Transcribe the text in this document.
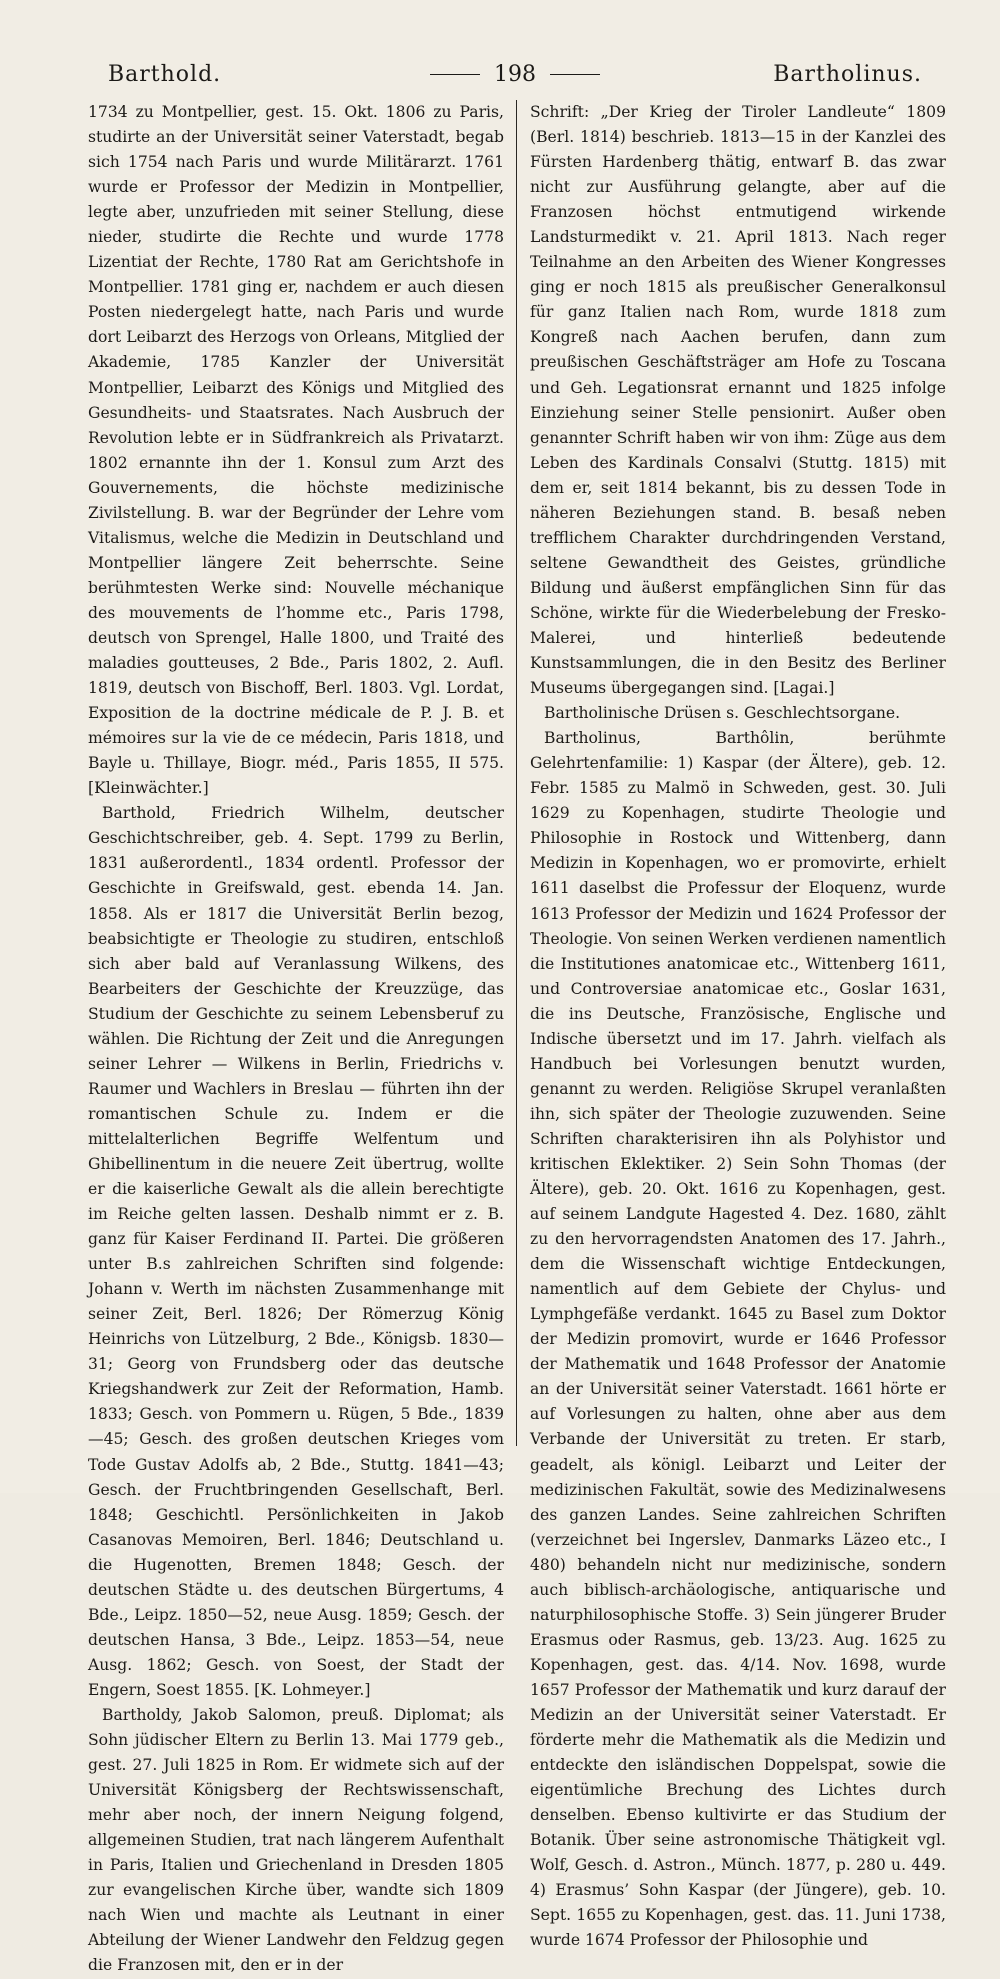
Barthold.	198	Bartholinus.

1734 zu Montpellier, gest. 15. Okt. 1806 zu Paris, studirte an der Universität seiner Vaterstadt, begab sich 1754 nach Paris und wurde Militärarzt. 1761 wurde er Professor der Medizin in Montpellier, legte aber, unzufrieden mit seiner Stellung, diese nieder, studirte die Rechte und wurde 1778 Lizentiat der Rechte, 1780 Rat am Gerichtshofe in Montpellier. 1781 ging er, nachdem er auch diesen Posten niedergelegt hatte, nach Paris und wurde dort Leibarzt des Herzogs von Orleans, Mitglied der Akademie, 1785 Kanzler der Universität Montpellier, Leibarzt des Königs und Mitglied des Gesundheits- und Staatsrates. Nach Ausbruch der Revolution lebte er in Südfrankreich als Privatarzt. 1802 ernannte ihn der 1. Konsul zum Arzt des Gouvernements, die höchste medizinische Zivilstellung. B. war der Begründer der Lehre vom Vitalismus, welche die Medizin in Deutschland und Montpellier längere Zeit beherrschte. Seine berühmtesten Werke sind: Nouvelle méchanique des mouvements de l’homme etc., Paris 1798, deutsch von Sprengel, Halle 1800, und Traité des maladies goutteuses, 2 Bde., Paris 1802, 2. Aufl. 1819, deutsch von Bischoff, Berl. 1803. Vgl. Lordat, Exposition de la doctrine médicale de P. J. B. et mémoires sur la vie de ce médecin, Paris 1818, und Bayle u. Thillaye, Biogr. méd., Paris 1855, II 575. [Kleinwächter.]

Barthold, Friedrich Wilhelm, deutscher Geschichtschreiber, geb. 4. Sept. 1799 zu Berlin, 1831 außerordentl., 1834 ordentl. Professor der Geschichte in Greifswald, gest. ebenda 14. Jan. 1858. Als er 1817 die Universität Berlin bezog, beabsichtigte er Theologie zu studiren, entschloß sich aber bald auf Veranlassung Wilkens, des Bearbeiters der Geschichte der Kreuzzüge, das Studium der Geschichte zu seinem Lebensberuf zu wählen. Die Richtung der Zeit und die Anregungen seiner Lehrer — Wilkens in Berlin, Friedrichs v. Raumer und Wachlers in Breslau — führten ihn der romantischen Schule zu. Indem er die mittelalterlichen Begriffe Welfentum und Ghibellinentum in die neuere Zeit übertrug, wollte er die kaiserliche Gewalt als die allein berechtigte im Reiche gelten lassen. Deshalb nimmt er z. B. ganz für Kaiser Ferdinand II. Partei. Die größeren unter B.s zahlreichen Schriften sind folgende: Johann v. Werth im nächsten Zusammenhange mit seiner Zeit, Berl. 1826; Der Römerzug König Heinrichs von Lützelburg, 2 Bde., Königsb. 1830—31; Georg von Frundsberg oder das deutsche Kriegshandwerk zur Zeit der Reformation, Hamb. 1833; Gesch. von Pommern u. Rügen, 5 Bde., 1839—45; Gesch. des großen deutschen Krieges vom Tode Gustav Adolfs ab, 2 Bde., Stuttg. 1841—43; Gesch. der Fruchtbringenden Gesellschaft, Berl. 1848; Geschichtl. Persönlichkeiten in Jakob Casanovas Memoiren, Berl. 1846; Deutschland u. die Hugenotten, Bremen 1848; Gesch. der deutschen Städte u. des deutschen Bürgertums, 4 Bde., Leipz. 1850—52, neue Ausg. 1859; Gesch. der deutschen Hansa, 3 Bde., Leipz. 1853—54, neue Ausg. 1862; Gesch. von Soest, der Stadt der Engern, Soest 1855. [K. Lohmeyer.]

Bartholdy, Jakob Salomon, preuß. Diplomat; als Sohn jüdischer Eltern zu Berlin 13. Mai 1779 geb., gest. 27. Juli 1825 in Rom. Er widmete sich auf der Universität Königsberg der Rechtswissenschaft, mehr aber noch, der innern Neigung folgend, allgemeinen Studien, trat nach längerem Aufenthalt in Paris, Italien und Griechenland in Dresden 1805 zur evangelischen Kirche über, wandte sich 1809 nach Wien und machte als Leutnant in einer Abteilung der Wiener Landwehr den Feldzug gegen die Franzosen mit, den er in der

Schrift: „Der Krieg der Tiroler Landleute“ 1809 (Berl. 1814) beschrieb. 1813—15 in der Kanzlei des Fürsten Hardenberg thätig, entwarf B. das zwar nicht zur Ausführung gelangte, aber auf die Franzosen höchst entmutigend wirkende Landsturmedikt v. 21. April 1813. Nach reger Teilnahme an den Arbeiten des Wiener Kongresses ging er noch 1815 als preußischer Generalkonsul für ganz Italien nach Rom, wurde 1818 zum Kongreß nach Aachen berufen, dann zum preußischen Geschäftsträger am Hofe zu Toscana und Geh. Legationsrat ernannt und 1825 infolge Einziehung seiner Stelle pensionirt. Außer oben genannter Schrift haben wir von ihm: Züge aus dem Leben des Kardinals Consalvi (Stuttg. 1815) mit dem er, seit 1814 bekannt, bis zu dessen Tode in näheren Beziehungen stand. B. besaß neben trefflichem Charakter durchdringenden Verstand, seltene Gewandtheit des Geistes, gründliche Bildung und äußerst empfänglichen Sinn für das Schöne, wirkte für die Wiederbelebung der Fresko-Malerei, und hinterließ bedeutende Kunstsammlungen, die in den Besitz des Berliner Museums übergegangen sind. [Lagai.]

Bartholinische Drüsen s. Geschlechtsorgane.

Bartholinus, Barthôlin, berühmte Gelehrtenfamilie: 1) Kaspar (der Ältere), geb. 12. Febr. 1585 zu Malmö in Schweden, gest. 30. Juli 1629 zu Kopenhagen, studirte Theologie und Philosophie in Rostock und Wittenberg, dann Medizin in Kopenhagen, wo er promovirte, erhielt 1611 daselbst die Professur der Eloquenz, wurde 1613 Professor der Medizin und 1624 Professor der Theologie. Von seinen Werken verdienen namentlich die Institutiones anatomicae etc., Wittenberg 1611, und Controversiae anatomicae etc., Goslar 1631, die ins Deutsche, Französische, Englische und Indische übersetzt und im 17. Jahrh. vielfach als Handbuch bei Vorlesungen benutzt wurden, genannt zu werden. Religiöse Skrupel veranlaßten ihn, sich später der Theologie zuzuwenden. Seine Schriften charakterisiren ihn als Polyhistor und kritischen Eklektiker. 2) Sein Sohn Thomas (der Ältere), geb. 20. Okt. 1616 zu Kopenhagen, gest. auf seinem Landgute Hagested 4. Dez. 1680, zählt zu den hervorragendsten Anatomen des 17. Jahrh., dem die Wissenschaft wichtige Entdeckungen, namentlich auf dem Gebiete der Chylus- und Lymphgefäße verdankt. 1645 zu Basel zum Doktor der Medizin promovirt, wurde er 1646 Professor der Mathematik und 1648 Professor der Anatomie an der Universität seiner Vaterstadt. 1661 hörte er auf Vorlesungen zu halten, ohne aber aus dem Verbande der Universität zu treten. Er starb, geadelt, als königl. Leibarzt und Leiter der medizinischen Fakultät, sowie des Medizinalwesens des ganzen Landes. Seine zahlreichen Schriften (verzeichnet bei Ingerslev, Danmarks Läzeo etc., I 480) behandeln nicht nur medizinische, sondern auch biblisch-archäologische, antiquarische und naturphilosophische Stoffe. 3) Sein jüngerer Bruder Erasmus oder Rasmus, geb. 13/23. Aug. 1625 zu Kopenhagen, gest. das. 4/14. Nov. 1698, wurde 1657 Professor der Mathematik und kurz darauf der Medizin an der Universität seiner Vaterstadt. Er förderte mehr die Mathematik als die Medizin und entdeckte den isländischen Doppelspat, sowie die eigentümliche Brechung des Lichtes durch denselben. Ebenso kultivirte er das Studium der Botanik. Über seine astronomische Thätigkeit vgl. Wolf, Gesch. d. Astron., Münch. 1877, p. 280 u. 449. 4) Erasmus’ Sohn Kaspar (der Jüngere), geb. 10. Sept. 1655 zu Kopenhagen, gest. das. 11. Juni 1738, wurde 1674 Professor der Philosophie und
